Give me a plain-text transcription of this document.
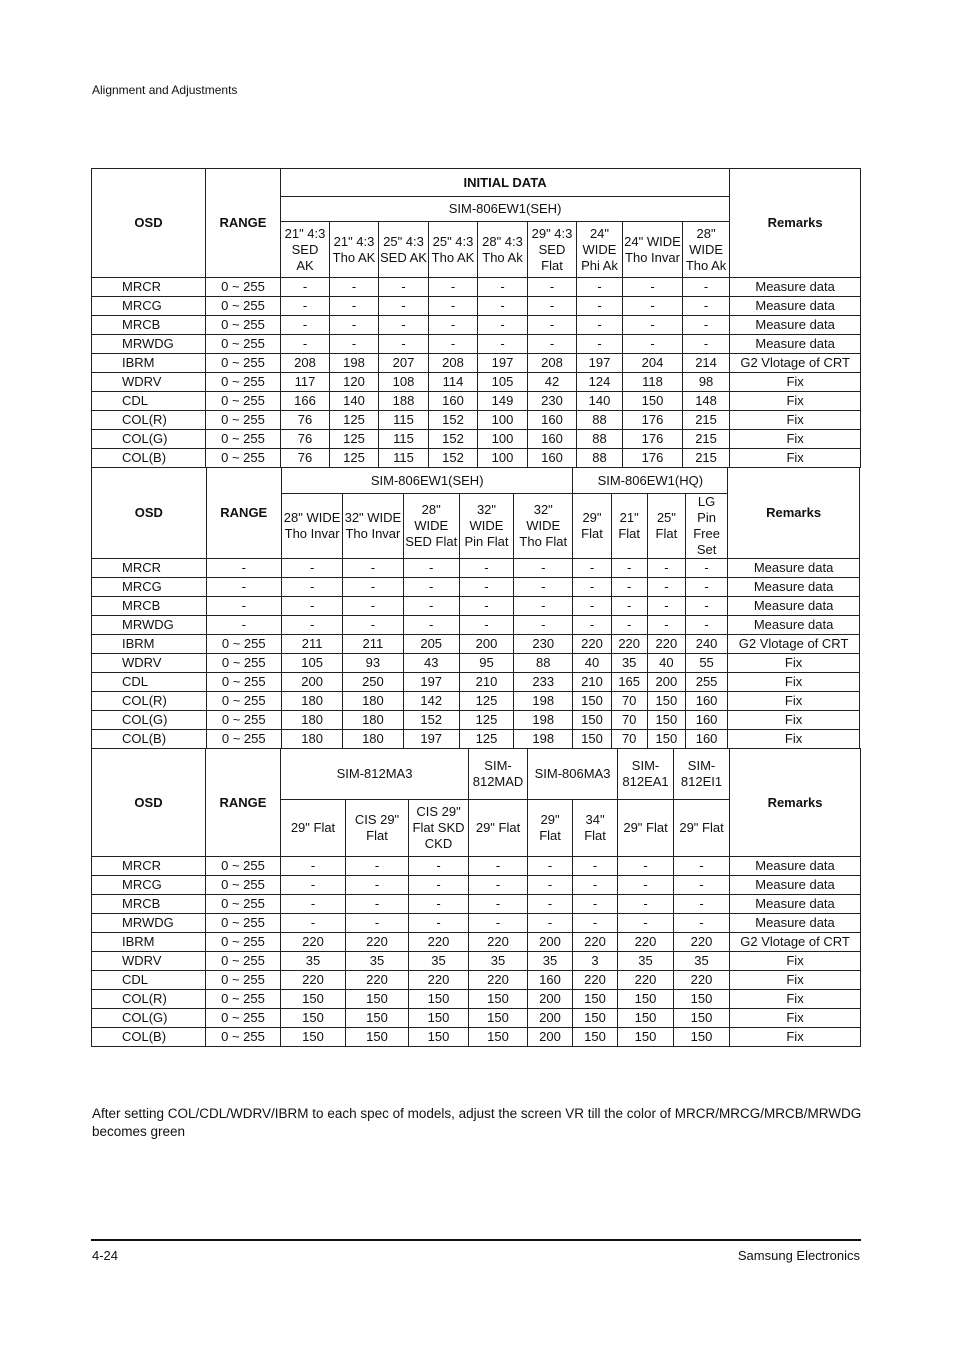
Alignment and Adjustments
OSD	RANGE	INITIAL DATA									Remarks
		SIM-806EW1(SEH)									
		21" 4:3 SED AK	21" 4:3 Tho AK	25" 4:3 SED AK	25" 4:3 Tho AK	28" 4:3 Tho Ak	29" 4:3 SED Flat	24" WIDE Phi Ak	24" WIDE Tho Invar	28" WIDE Tho Ak	
MRCR	0 ~ 255	-	-	-	-	-	-	-	-	-	Measure data
MRCG	0 ~ 255	-	-	-	-	-	-	-	-	-	Measure data
MRCB	0 ~ 255	-	-	-	-	-	-	-	-	-	Measure data
MRWDG	0 ~ 255	-	-	-	-	-	-	-	-	-	Measure data
IBRM	0 ~ 255	208	198	207	208	197	208	197	204	214	G2 Vlotage of CRT
WDRV	0 ~ 255	117	120	108	114	105	42	124	118	98	Fix
CDL	0 ~ 255	166	140	188	160	149	230	140	150	148	Fix
COL(R)	0 ~ 255	76	125	115	152	100	160	88	176	215	Fix
COL(G)	0 ~ 255	76	125	115	152	100	160	88	176	215	Fix
COL(B)	0 ~ 255	76	125	115	152	100	160	88	176	215	Fix
OSD	RANGE	SIM-806EW1(SEH)					SIM-806EW1(HQ)				Remarks
		28" WIDE Tho Invar	32" WIDE Tho Invar	28" WIDE SED Flat	32" WIDE Pin Flat	32" WIDE Tho Flat	29" Flat	21" Flat	25" Flat	LG Pin Free Set	
MRCR	-	-	-	-	-	-	-	-	-	-	Measure data
MRCG	-	-	-	-	-	-	-	-	-	-	Measure data
MRCB	-	-	-	-	-	-	-	-	-	-	Measure data
MRWDG	-	-	-	-	-	-	-	-	-	-	Measure data
IBRM	0 ~ 255	211	211	205	200	230	220	220	220	240	G2 Vlotage of CRT
WDRV	0 ~ 255	105	93	43	95	88	40	35	40	55	Fix
CDL	0 ~ 255	200	250	197	210	233	210	165	200	255	Fix
COL(R)	0 ~ 255	180	180	142	125	198	150	70	150	160	Fix
COL(G)	0 ~ 255	180	180	152	125	198	150	70	150	160	Fix
COL(B)	0 ~ 255	180	180	197	125	198	150	70	150	160	Fix
OSD	RANGE	SIM-812MA3			SIM-812MAD	SIM-806MA3		SIM-812EA1	SIM-812EI1	Remarks
		29" Flat	CIS 29" Flat	CIS 29" Flat SKD CKD	29" Flat	29" Flat	34" Flat	29" Flat	29" Flat	
MRCR	0 ~ 255	-	-	-	-	-	-	-	-	Measure data
MRCG	0 ~ 255	-	-	-	-	-	-	-	-	Measure data
MRCB	0 ~ 255	-	-	-	-	-	-	-	-	Measure data
MRWDG	0 ~ 255	-	-	-	-	-	-	-	-	Measure data
IBRM	0 ~ 255	220	220	220	220	200	220	220	220	G2 Vlotage of CRT
WDRV	0 ~ 255	35	35	35	35	35	3	35	35	Fix
CDL	0 ~ 255	220	220	220	220	160	220	220	220	Fix
COL(R)	0 ~ 255	150	150	150	150	200	150	150	150	Fix
COL(G)	0 ~ 255	150	150	150	150	200	150	150	150	Fix
COL(B)	0 ~ 255	150	150	150	150	200	150	150	150	Fix
After setting COL/CDL/WDRV/IBRM to each spec of models, adjust the screen VR till the color of MRCR/MRCG/MRCB/MRWDG becomes green
4-24	Samsung Electronics
